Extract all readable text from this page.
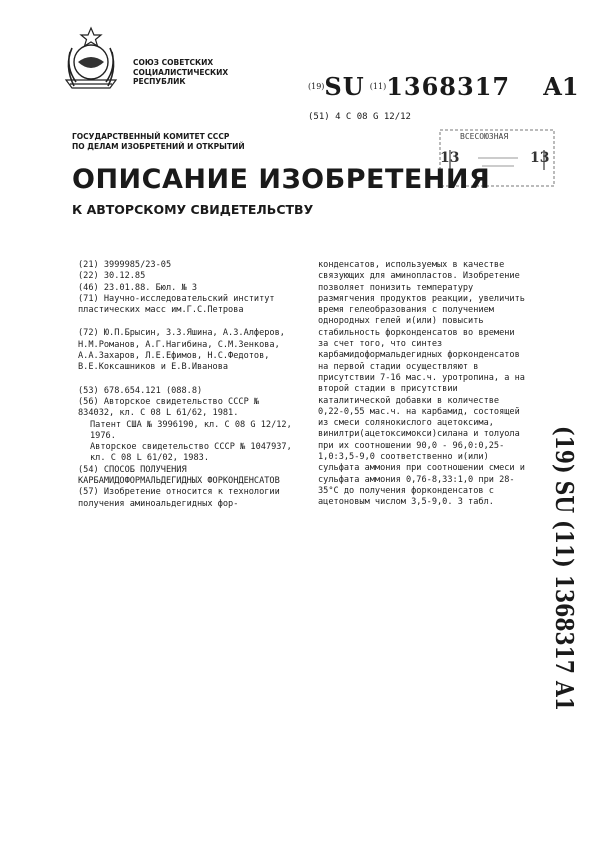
СОЮЗ СОВЕТСКИХ
СОЦИАЛИСТИЧЕСКИХ
РЕСПУБЛИК
(19)SU (11)1368317 A1
(51) 4 С 08 G 12/12
ГОСУДАРСТВЕННЫЙ КОМИТЕТ СССР
ПО ДЕЛАМ ИЗОБРЕТЕНИЙ И ОТКРЫТИЙ
ВСЕСОЮЗНАЯ
13	13
ОПИСАНИЕ ИЗОБРЕТЕНИЯ
К АВТОРСКОМУ СВИДЕТЕЛЬСТВУ
(21) 3999985/23-05
(22) 30.12.85
(46) 23.01.88. Бюл. № 3
(71) Научно-исследовательский институт пластических масс им.Г.С.Петрова
(72) Ю.П.Брысин, З.З.Яшина, А.З.Алферов, Н.М.Романов, А.Г.Нагибина, С.М.Зенкова, А.А.Захаров, Л.Е.Ефимов, Н.С.Федотов, В.Е.Коксашников и Е.В.Иванова
(53) 678.654.121 (088.8)
(56) Авторское свидетельство СССР № 834032, кл. С 08 L 61/62, 1981.
Патент США № 3996190, кл. С 08 G 12/12, 1976.
Авторское свидетельство СССР № 1047937, кл. С 08 L 61/02, 1983.
(54) СПОСОБ ПОЛУЧЕНИЯ КАРБАМИДОФОРМАЛЬДЕГИДНЫХ ФОРКОНДЕНСАТОВ
(57) Изобретение относится к технологии получения аминоальдегидных фор-
конденсатов, используемых в качестве связующих для аминопластов. Изобретение позволяет понизить температуру размягчения продуктов реакции, увеличить время гелеобразования с получением однородных гелей и(или) повысить стабильность форконденсатов во времени за счет того, что синтез карбамидоформальдегидных форконденсатов на первой стадии осуществляют в присутствии 7-16 мас.ч. уротропина, а на второй стадии в присутствии каталитической добавки в количестве 0,22-0,55 мас.ч. на карбамид, состоящей из смеси солянокислого ацетоксима, винилтри(ацетоксимокси)силана и толуола при их соотношении 90,0 - 96,0:0,25-1,0:3,5-9,0 соответственно и(или) сульфата аммония при соотношении смеси и сульфата аммония 0,76-8,33:1,0 при 28-35°С до получения форконденсатов с ацетоновым числом 3,5-9,0. 3 табл.	(19) SU (11) 1368317 A1
